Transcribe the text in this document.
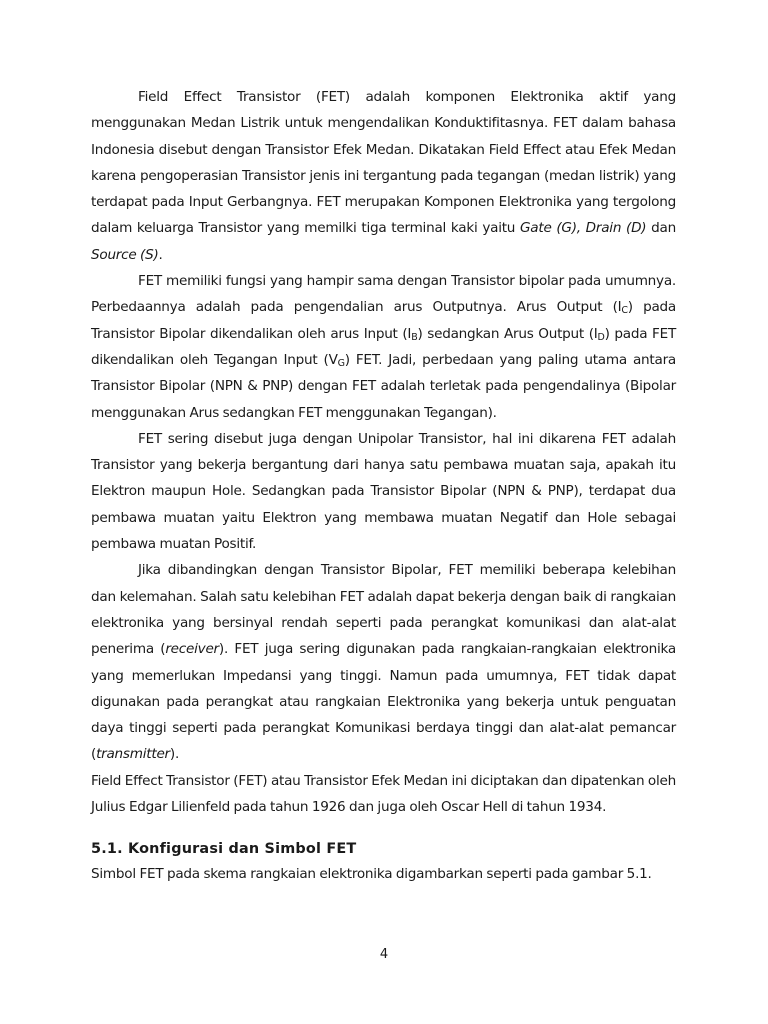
Field Effect Transistor (FET) adalah komponen Elektronika aktif yang menggunakan Medan Listrik untuk mengendalikan Konduktifitasnya. FET dalam bahasa Indonesia disebut dengan Transistor Efek Medan. Dikatakan Field Effect atau Efek Medan karena pengoperasian Transistor jenis ini tergantung pada tegangan (medan listrik) yang terdapat pada Input Gerbangnya. FET merupakan Komponen Elektronika yang tergolong dalam keluarga Transistor yang memilki tiga terminal kaki yaitu Gate (G), Drain (D) dan Source (S).

FET memiliki fungsi yang hampir sama dengan Transistor bipolar pada umumnya. Perbedaannya adalah pada pengendalian arus Outputnya. Arus Output $(I_C)$ pada Transistor Bipolar dikendalikan oleh arus Input $(I_B)$ sedangkan Arus Output $(I_D)$ pada FET dikendalikan oleh Tegangan Input $(V_G)$ FET. Jadi, perbedaan yang paling utama antara Transistor Bipolar (NPN & PNP) dengan FET adalah terletak pada pengendalinya (Bipolar menggunakan Arus sedangkan FET menggunakan Tegangan).

FET sering disebut juga dengan Unipolar Transistor, hal ini dikarena FET adalah Transistor yang bekerja bergantung dari hanya satu pembawa muatan saja, apakah itu Elektron maupun Hole. Sedangkan pada Transistor Bipolar (NPN & PNP), terdapat dua pembawa muatan yaitu Elektron yang membawa muatan Negatif dan Hole sebagai pembawa muatan Positif.

Jika dibandingkan dengan Transistor Bipolar, FET memiliki beberapa kelebihan dan kelemahan. Salah satu kelebihan FET adalah dapat bekerja dengan baik di rangkaian elektronika yang bersinyal rendah seperti pada perangkat komunikasi dan alat-alat penerima (receiver). FET juga sering digunakan pada rangkaian-rangkaian elektronika yang memerlukan Impedansi yang tinggi. Namun pada umumnya, FET tidak dapat digunakan pada perangkat atau rangkaian Elektronika yang bekerja untuk penguatan daya tinggi seperti pada perangkat Komunikasi berdaya tinggi dan alat-alat pemancar (transmitter).

Field Effect Transistor (FET) atau Transistor Efek Medan ini diciptakan dan dipatenkan oleh Julius Edgar Lilienfeld pada tahun 1926 dan juga oleh Oscar Hell di tahun 1934.

5.1. Konfigurasi dan Simbol FET

Simbol FET pada skema rangkaian elektronika digambarkan seperti pada gambar 5.1.

4
